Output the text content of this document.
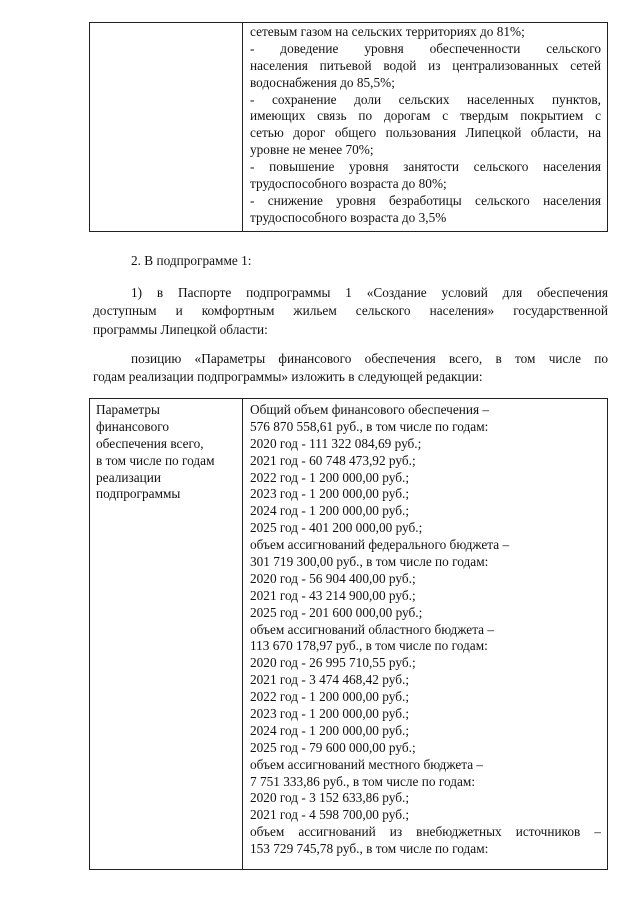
сетевым газом на сельских территориях до 81%;
- доведение уровня обеспеченности сельского
населения питьевой водой из централизованных сетей
водоснабжения до 85,5%;
- сохранение доли сельских населенных пунктов,
имеющих связь по дорогам с твердым покрытием с
сетью дорог общего пользования Липецкой области, на
уровне не менее 70%;
- повышение уровня занятости сельского населения
трудоспособного возраста до 80%;
- снижение уровня безработицы сельского населения
трудоспособного возраста до 3,5%
2. В подпрограмме 1:
1) в Паспорте подпрограммы 1 «Создание условий для обеспечения
доступным и комфортным жильем сельского населения» государственной
программы Липецкой области:
позицию «Параметры финансового обеспечения всего, в том числе по
годам реализации подпрограммы» изложить в следующей редакции:
Параметры
финансового
обеспечения всего,
в том числе по годам
реализации
подпрограммы
Общий объем финансового обеспечения –
576 870 558,61 руб., в том числе по годам:
2020 год - 111 322 084,69 руб.;
2021 год - 60 748 473,92 руб.;
2022 год - 1 200 000,00 руб.;
2023 год - 1 200 000,00 руб.;
2024 год - 1 200 000,00 руб.;
2025 год - 401 200 000,00 руб.;
объем ассигнований федерального бюджета –
301 719 300,00 руб., в том числе по годам:
2020 год - 56 904 400,00 руб.;
2021 год - 43 214 900,00 руб.;
2025 год - 201 600 000,00 руб.;
объем ассигнований областного бюджета –
113 670 178,97 руб., в том числе по годам:
2020 год - 26 995 710,55 руб.;
2021 год - 3 474 468,42 руб.;
2022 год - 1 200 000,00 руб.;
2023 год - 1 200 000,00 руб.;
2024 год - 1 200 000,00 руб.;
2025 год - 79 600 000,00 руб.;
объем ассигнований местного бюджета –
7 751 333,86 руб., в том числе по годам:
2020 год - 3 152 633,86 руб.;
2021 год - 4 598 700,00 руб.;
объем ассигнований из внебюджетных источников –
153 729 745,78 руб., в том числе по годам:
